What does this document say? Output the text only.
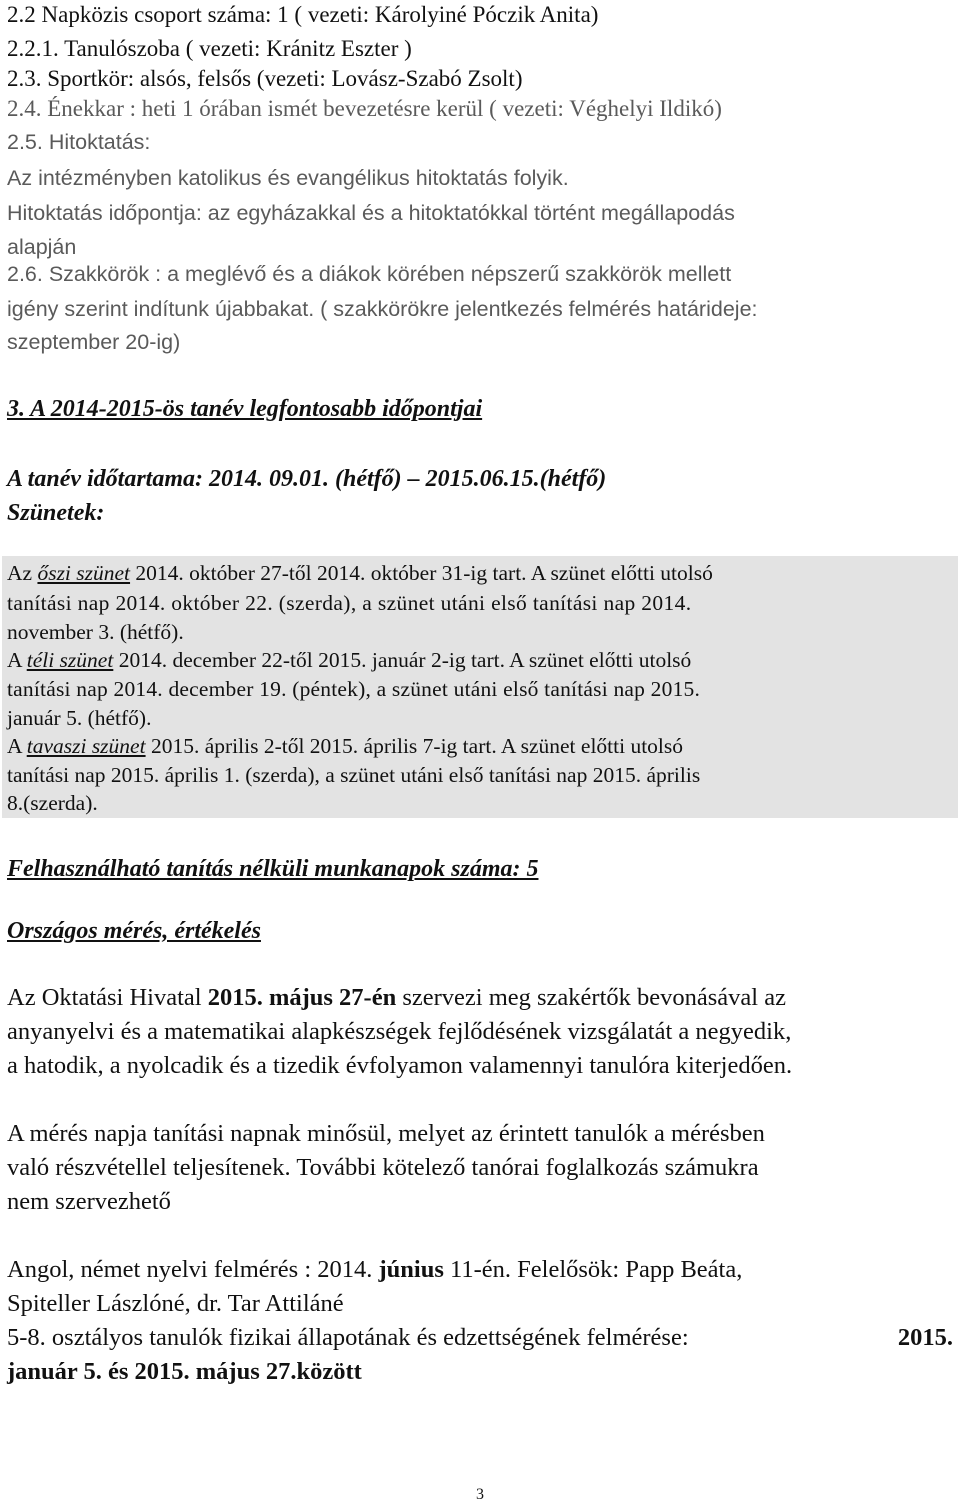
2.2 Napközis csoport száma: 1 ( vezeti: Károlyiné Póczik Anita)
2.2.1. Tanulószoba ( vezeti: Kránitz Eszter )
2.3. Sportkör: alsós, felsős (vezeti: Lovász-Szabó Zsolt)
2.4. Énekkar : heti 1 órában ismét bevezetésre kerül ( vezeti: Véghelyi Ildikó)
2.5. Hitoktatás:
Az intézményben katolikus és evangélikus hitoktatás folyik.
Hitoktatás időpontja: az egyházakkal és a hitoktatókkal történt megállapodás
alapján
2.6. Szakkörök : a meglévő és a diákok körében népszerű szakkörök mellett
igény szerint indítunk újabbakat. ( szakkörökre jelentkezés felmérés határideje:
szeptember 20-ig)
3. A 2014-2015-ös tanév legfontosabb időpontjai
A tanév időtartama: 2014. 09.01. (hétfő) – 2015.06.15.(hétfő)
Szünetek:
Az őszi szünet 2014. október 27-től 2014. október 31-ig tart. A szünet előtti utolsó
tanítási nap 2014. október 22. (szerda), a szünet utáni első tanítási nap 2014.
november 3. (hétfő).
A téli szünet 2014. december 22-től 2015. január 2-ig tart. A szünet előtti utolsó
tanítási nap 2014. december 19. (péntek), a szünet utáni első tanítási nap 2015.
január 5. (hétfő).
A tavaszi szünet 2015. április 2-től 2015. április 7-ig tart. A szünet előtti utolsó
tanítási nap 2015. április 1. (szerda), a szünet utáni első tanítási nap 2015. április
8.(szerda).
Felhasználható tanítás nélküli munkanapok száma: 5
Országos mérés, értékelés
Az Oktatási Hivatal 2015. május 27-én szervezi meg szakértők bevonásával az
anyanyelvi és a matematikai alapkészségek fejlődésének vizsgálatát a negyedik,
a hatodik, a nyolcadik és a tizedik évfolyamon valamennyi tanulóra kiterjedően.
A mérés napja tanítási napnak minősül, melyet az érintett tanulók a mérésben
való részvétellel teljesítenek. További kötelező tanórai foglalkozás számukra
nem szervezhető
Angol, német nyelvi felmérés : 2014. június 11-én. Felelősök: Papp Beáta,
Spiteller Lászlóné, dr. Tar Attiláné
5-8. osztályos tanulók fizikai állapotának és edzettségének felmérése:	2015.
január 5. és 2015. május 27.között
3
